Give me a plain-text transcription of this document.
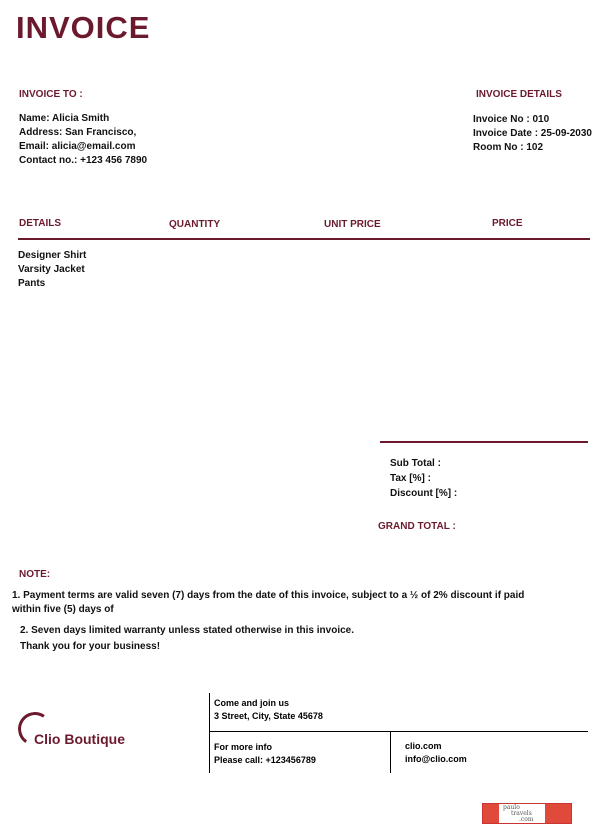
INVOICE
INVOICE TO :
Name: Alicia Smith
Address: San Francisco,
Email: alicia@email.com
Contact no.: +123 456 7890
INVOICE DETAILS
Invoice No : 010
Invoice Date : 25-09-2030
Room No : 102
DETAILS	QUANTITY	UNIT PRICE	PRICE
Designer Shirt
Varsity Jacket
Pants
Sub Total :
Tax [%] :
Discount [%] :
GRAND TOTAL :
NOTE:
1. Payment terms are valid seven (7) days from the date of this invoice, subject to a ½ of 2% discount if paid
within five (5) days of
2. Seven days limited warranty unless stated otherwise in this invoice.
Thank you for your business!
Clio Boutique
Come and join us
3 Street, City, State 45678
For more info
Please call: +123456789
clio.com
info@clio.com
paulo
travels
.com
